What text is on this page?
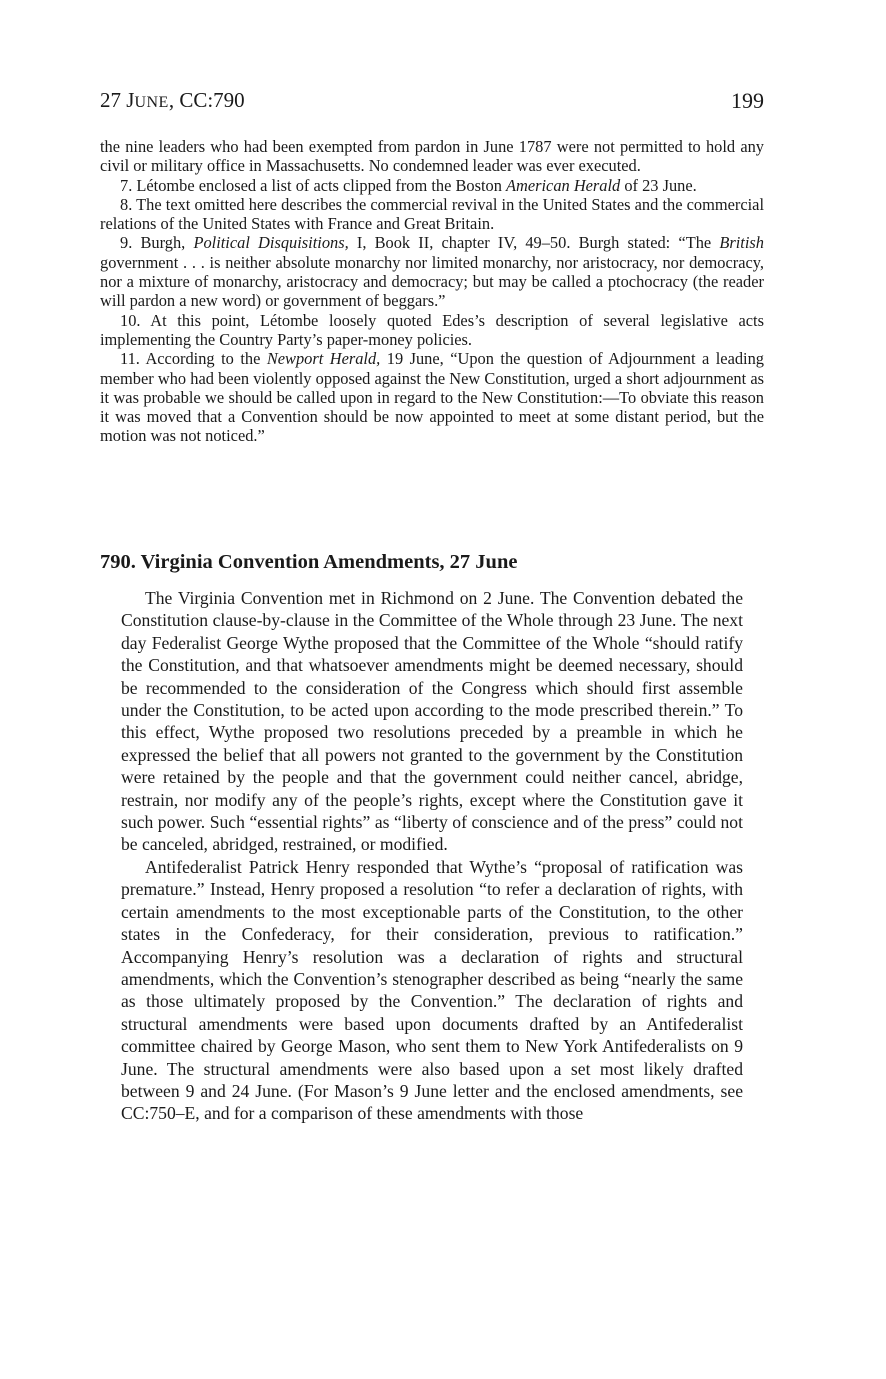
27 JUNE, CC:790	199

the nine leaders who had been exempted from pardon in June 1787 were not permitted to hold any civil or military office in Massachusetts. No condemned leader was ever executed.

7. Létombe enclosed a list of acts clipped from the Boston American Herald of 23 June.

8. The text omitted here describes the commercial revival in the United States and the commercial relations of the United States with France and Great Britain.

9. Burgh, Political Disquisitions, I, Book II, chapter IV, 49–50. Burgh stated: “The British government . . . is neither absolute monarchy nor limited monarchy, nor aristocracy, nor democracy, nor a mixture of monarchy, aristocracy and democracy; but may be called a ptochocracy (the reader will pardon a new word) or government of beggars.”

10. At this point, Létombe loosely quoted Edes’s description of several legislative acts implementing the Country Party’s paper-money policies.

11. According to the Newport Herald, 19 June, “Upon the question of Adjournment a leading member who had been violently opposed against the New Constitution, urged a short adjournment as it was probable we should be called upon in regard to the New Constitution:—To obviate this reason it was moved that a Convention should be now appointed to meet at some distant period, but the motion was not noticed.”

790. Virginia Convention Amendments, 27 June

The Virginia Convention met in Richmond on 2 June. The Convention debated the Constitution clause-by-clause in the Committee of the Whole through 23 June. The next day Federalist George Wythe proposed that the Committee of the Whole “should ratify the Constitution, and that whatsoever amendments might be deemed necessary, should be recommended to the consideration of the Congress which should first assemble under the Constitution, to be acted upon according to the mode prescribed therein.” To this effect, Wythe proposed two resolutions preceded by a preamble in which he expressed the belief that all powers not granted to the government by the Constitution were retained by the people and that the government could neither cancel, abridge, restrain, nor modify any of the people’s rights, except where the Constitution gave it such power. Such “essential rights” as “liberty of conscience and of the press” could not be canceled, abridged, restrained, or modified.

Antifederalist Patrick Henry responded that Wythe’s “proposal of ratification was premature.” Instead, Henry proposed a resolution “to refer a declaration of rights, with certain amendments to the most exceptionable parts of the Constitution, to the other states in the Confederacy, for their consideration, previous to ratification.” Accompanying Henry’s resolution was a declaration of rights and structural amendments, which the Convention’s stenographer described as being “nearly the same as those ultimately proposed by the Convention.” The declaration of rights and structural amendments were based upon documents drafted by an Antifederalist committee chaired by George Mason, who sent them to New York Antifederalists on 9 June. The structural amendments were also based upon a set most likely drafted between 9 and 24 June. (For Mason’s 9 June letter and the enclosed amendments, see CC:750–E, and for a comparison of these amendments with those
